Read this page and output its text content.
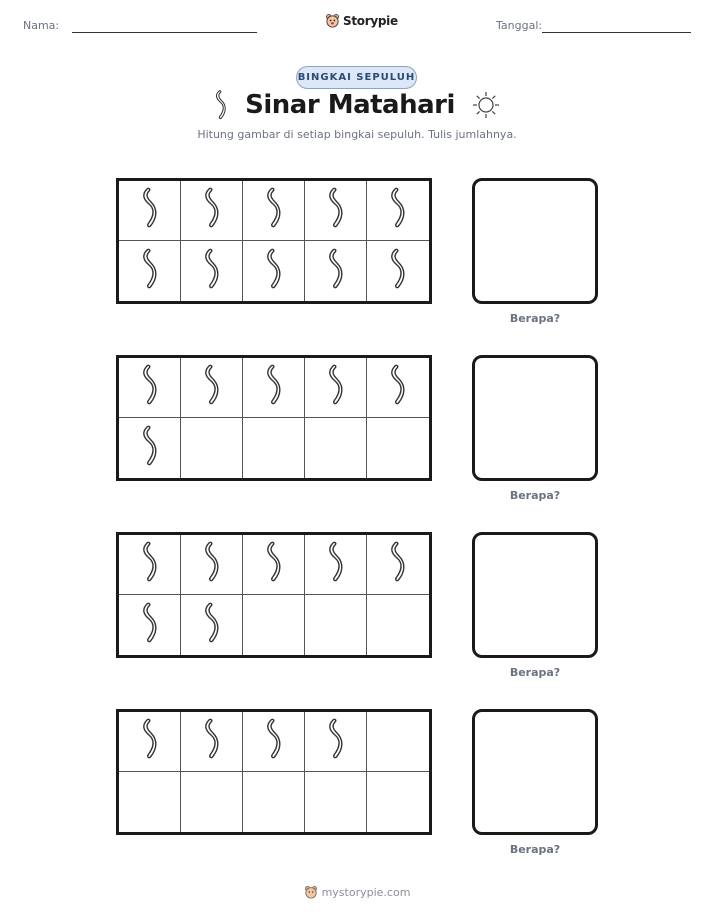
Nama:	Storypie	Tanggal:
BINGKAI SEPULUH
Sinar Matahari

Hitung gambar di setiap bingkai sepuluh. Tulis jumlahnya.

Berapa?
Berapa?
Berapa?
Berapa?
mystorypie.com
